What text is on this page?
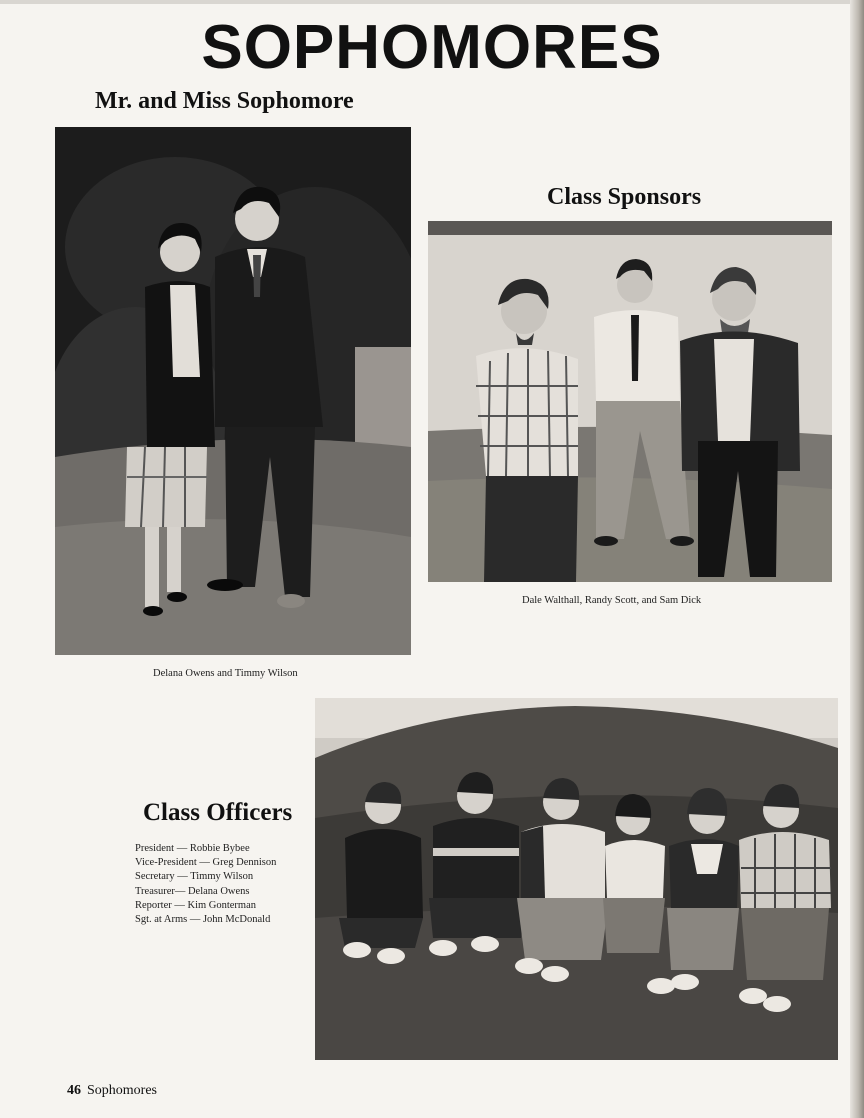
SOPHOMORES
Mr. and Miss Sophomore
Delana Owens and Timmy Wilson
Class Sponsors
Dale Walthall, Randy Scott, and Sam Dick
Class Officers
President — Robbie Bybee
Vice-President — Greg Dennison
Secretary — Timmy Wilson
Treasurer— Delana Owens
Reporter — Kim Gonterman
Sgt. at Arms — John McDonald
46 Sophomores
